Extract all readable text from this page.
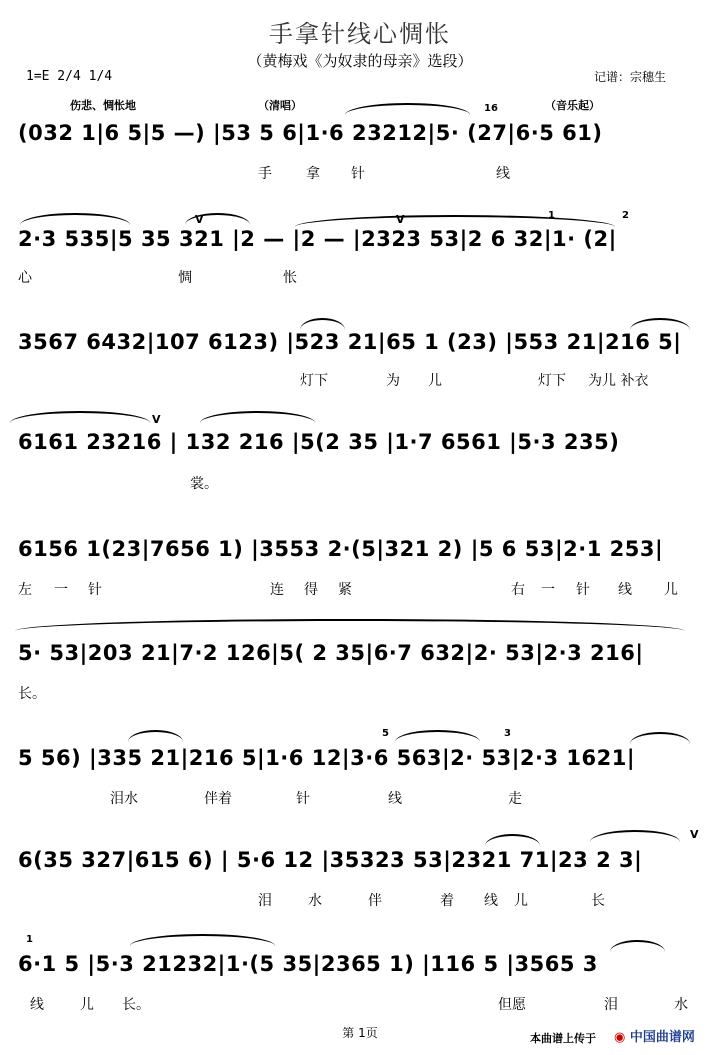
手拿针线心惆怅
（黄梅戏《为奴隶的母亲》选段）
1=E 2/4 1/4	记谱：宗穗生
伤悲、惆怅地	（清唱）	16	（音乐起）
(032 1|6 5|5 —) |53 5 6|1·6 23212|5· (27|6·5 61)
手 拿 针	线
V	V	1	2
2·3 535|5 35 321 |2 — |2 — |2323 53|2 6 32|1· (2|
心	惆	怅
3567 6432|107 6123) |523 21|65 1 (23) |553 21|216 5|
灯下	为 儿	灯下 为儿 补衣
V
6161 23216 | 132 216 |5(2 35 |1·7 6561 |5·3 235)
裳。
6156 1(23|7656 1) |3553 2·(5|321 2) |5 6 53|2·1 253|
左 一 针	连 得 紧	右 一 针 线 儿
5· 53|203 21|7·2 126|5( 2 35|6·7 632|2· 53|2·3 216|
长。
5	3
5 56) |335 21|216 5|1·6 12|3·6 563|2· 53|2·3 1621|
泪水	伴着	针	线	走
V
6(35 327|615 6) | 5·6 12 |35323 53|2321 71|23 2 3|
泪	水	伴	着 线 儿	长
1
6·1 5 |5·3 21232|1·(5 35|2365 1) |116 5 |3565 3
线	儿 长。	但愿	泪	水
第 1页	本曲谱上传于 ◉ 中国曲谱网
